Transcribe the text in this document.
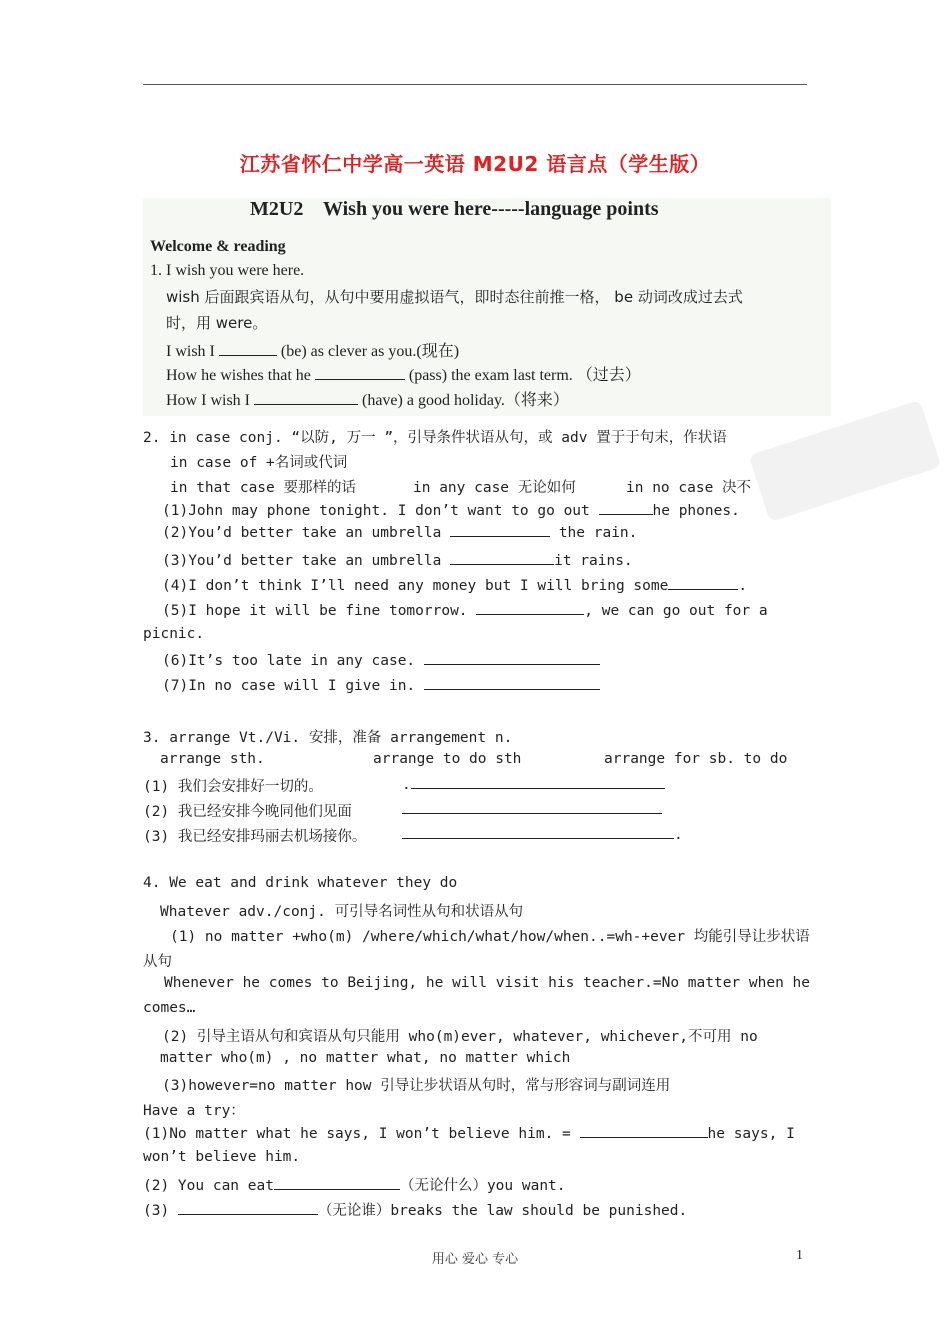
江苏省怀仁中学高一英语 M2U2 语言点（学生版）
M2U2    Wish you were here-----language points
Welcome & reading
1. I wish you were here.
wish 后面跟宾语从句，从句中要用虚拟语气，即时态往前推一格， be 动词改成过去式
时，用 were。
I wish I	(be) as clever as you.(现在)
How he wishes that he	(pass) the exam last term. （过去）
How I wish I	(have) a good holiday.（将来）
2. in case conj. “以防, 万一 ”，引导条件状语从句，或 adv 置于于句末，作状语
in case of +名词或代词
in that case 要那样的话	in any case 无论如何	in no case 决不
(1)John may phone tonight. I don’t want to go out	he phones.
(2)You’d better take an umbrella	the rain.
(3)You’d better take an umbrella	it rains.
(4)I don’t think I’ll need any money but I will bring some	.
(5)I hope it will be fine tomorrow.	, we can go out for a
picnic.
(6)It’s too late in any case.
(7)In no case will I give in.
3. arrange Vt./Vi. 安排，准备 arrangement n.
arrange sth.	arrange to do sth	arrange for sb. to do
(1) 我们会安排好一切的。	.
(2) 我已经安排今晚同他们见面
(3) 我已经安排玛丽去机场接你。	.
4. We eat and drink whatever they do
Whatever adv./conj. 可引导名词性从句和状语从句
(1) no matter +who(m) /where/which/what/how/when..=wh-+ever 均能引导让步状语
从句
Whenever he comes to Beijing, he will visit his teacher.=No matter when he
comes…
(2) 引导主语从句和宾语从句只能用 who(m)ever, whatever, whichever,不可用 no
matter who(m) , no matter what, no matter which
(3)however=no matter how 引导让步状语从句时，常与形容词与副词连用
Have a try：
(1)No matter what he says, I won’t believe him. =	he says, I
won’t believe him.
(2) You can eat	（无论什么）you want.
(3)	（无论谁）breaks the law should be punished.
用心 爱心 专心	1
